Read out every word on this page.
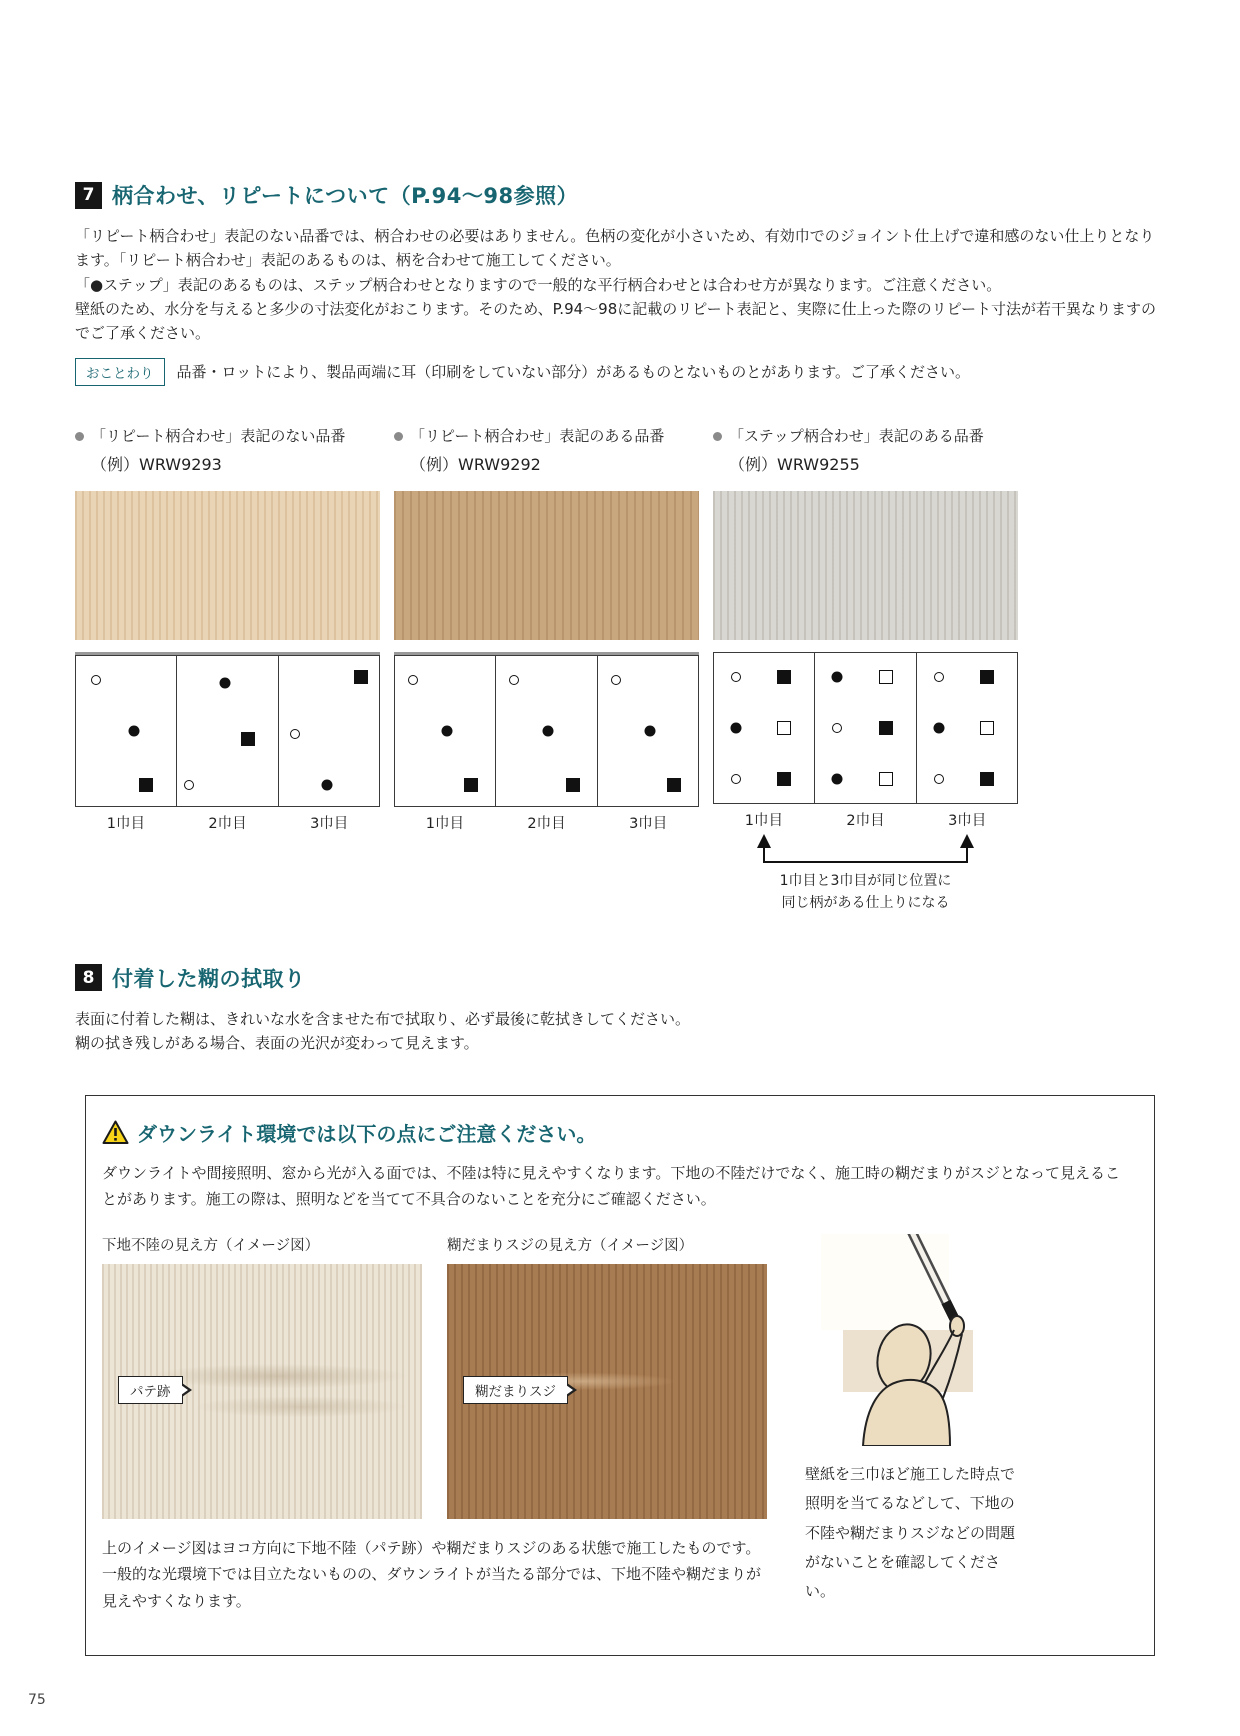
7 柄合わせ、リピートについて（P.94～98参照）

「リピート柄合わせ」表記のない品番では、柄合わせの必要はありません。色柄の変化が小さいため、有効巾でのジョイント仕上げで違和感のない仕上りとなります。「リピート柄合わせ」表記のあるものは、柄を合わせて施工してください。

「●ステップ」表記のあるものは、ステップ柄合わせとなりますので一般的な平行柄合わせとは合わせ方が異なります。ご注意ください。

壁紙のため、水分を与えると多少の寸法変化がおこります。そのため、P.94～98に記載のリピート表記と、実際に仕上った際のリピート寸法が若干異なりますのでご了承ください。

おことわり	品番・ロットにより、製品両端に耳（印刷をしていない部分）があるものとないものとがあります。ご了承ください。
「リピート柄合わせ」表記のない品番
（例）WRW9293
1巾目	2巾目	3巾目
「リピート柄合わせ」表記のある品番
（例）WRW9292
1巾目	2巾目	3巾目
「ステップ柄合わせ」表記のある品番
（例）WRW9255
1巾目	2巾目	3巾目
1巾目と3巾目が同じ位置に
同じ柄がある仕上りになる
8 付着した糊の拭取り

表面に付着した糊は、きれいな水を含ませた布で拭取り、必ず最後に乾拭きしてください。

糊の拭き残しがある場合、表面の光沢が変わって見えます。

ダウンライト環境では以下の点にご注意ください。

ダウンライトや間接照明、窓から光が入る面では、不陸は特に見えやすくなります。下地の不陸だけでなく、施工時の糊だまりがスジとなって見えることがあります。施工の際は、照明などを当てて不具合のないことを充分にご確認ください。

下地不陸の見え方（イメージ図）
パテ跡
糊だまりスジの見え方（イメージ図）
糊だまりスジ

上のイメージ図はヨコ方向に下地不陸（パテ跡）や糊だまりスジのある状態で施工したものです。一般的な光環境下では目立たないものの、ダウンライトが当たる部分では、下地不陸や糊だまりが見えやすくなります。

壁紙を三巾ほど施工した時点で照明を当てるなどして、下地の不陸や糊だまりスジなどの問題がないことを確認してください。

75
